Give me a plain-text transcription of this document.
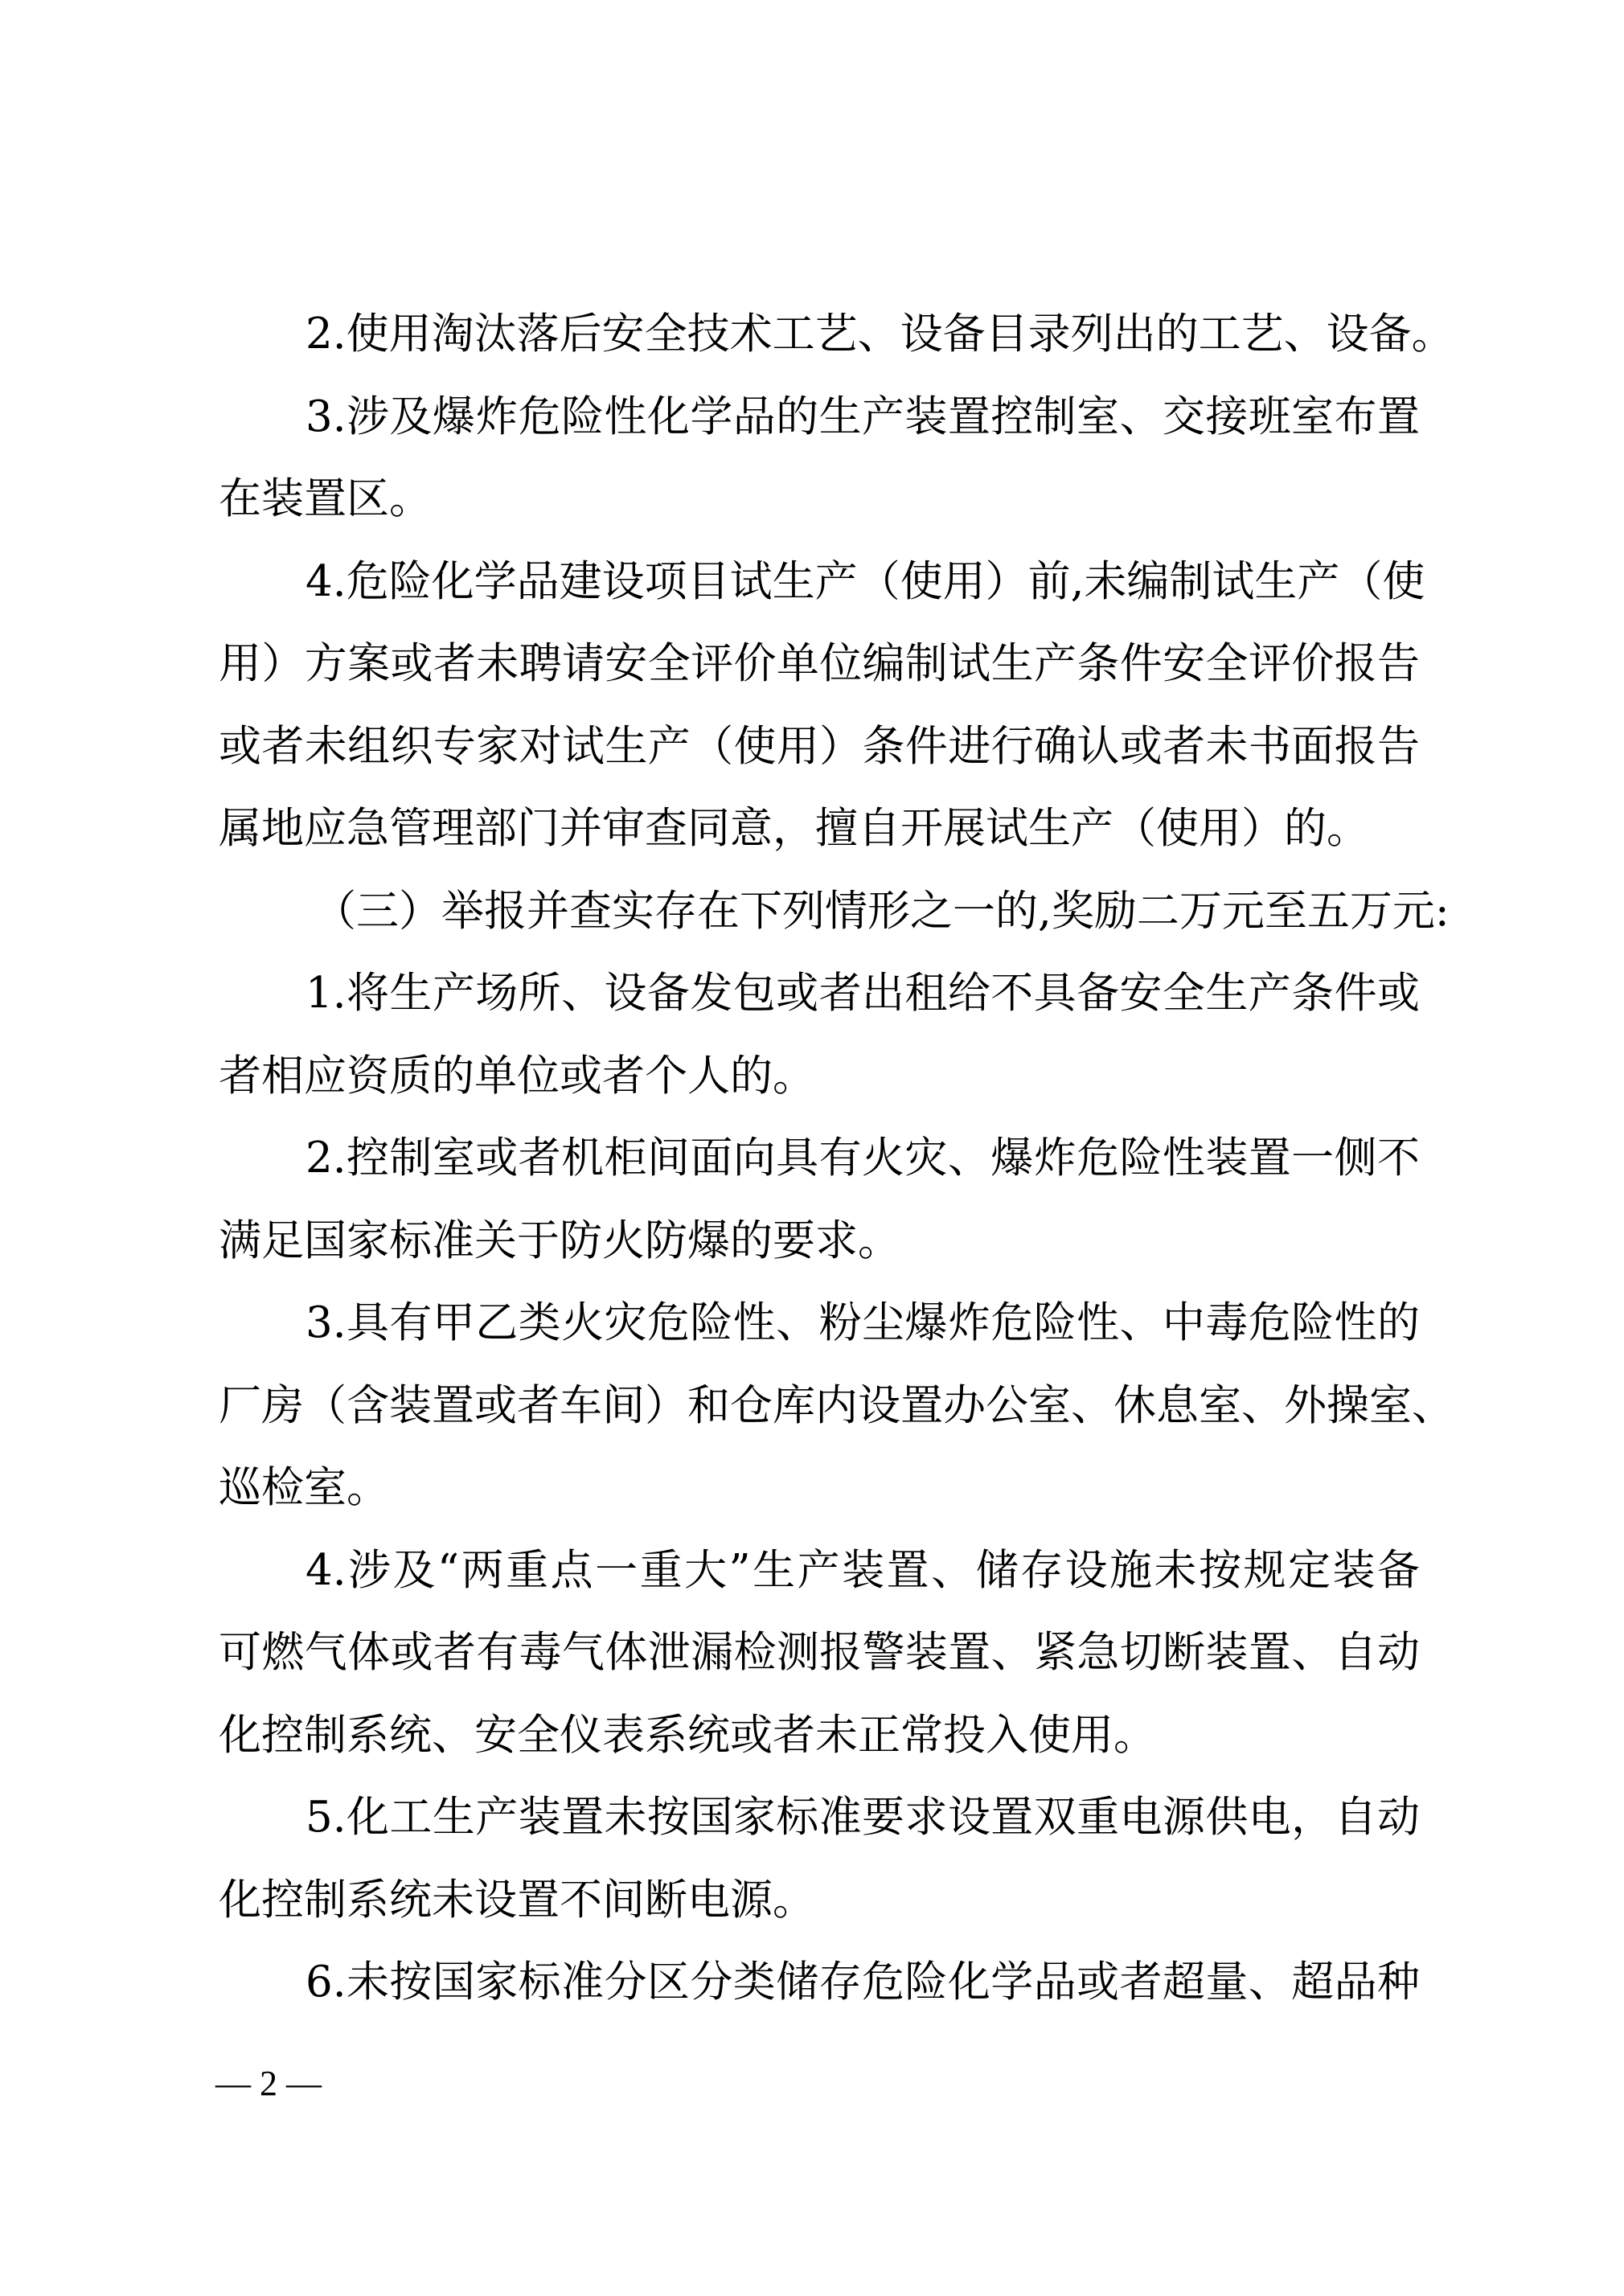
2.使用淘汰落后安全技术工艺、设备目录列出的工艺、设备。
3.涉及爆炸危险性化学品的生产装置控制室、交接班室布置
在装置区。
4.危险化学品建设项目试生产（使用）前,未编制试生产（使
用）方案或者未聘请安全评价单位编制试生产条件安全评价报告
或者未组织专家对试生产（使用）条件进行确认或者未书面报告
属地应急管理部门并审查同意，擅自开展试生产（使用）的。
（三）举报并查实存在下列情形之一的,奖励二万元至五万元:
1.将生产场所、设备发包或者出租给不具备安全生产条件或
者相应资质的单位或者个人的。
2.控制室或者机柜间面向具有火灾、爆炸危险性装置一侧不
满足国家标准关于防火防爆的要求。
3.具有甲乙类火灾危险性、粉尘爆炸危险性、中毒危险性的
厂房（含装置或者车间）和仓库内设置办公室、休息室、外操室、
巡检室。
4.涉及“两重点一重大”生产装置、储存设施未按规定装备
可燃气体或者有毒气体泄漏检测报警装置、紧急切断装置、自动
化控制系统、安全仪表系统或者未正常投入使用。
5.化工生产装置未按国家标准要求设置双重电源供电，自动
化控制系统未设置不间断电源。
6.未按国家标准分区分类储存危险化学品或者超量、超品种
— 2 —
